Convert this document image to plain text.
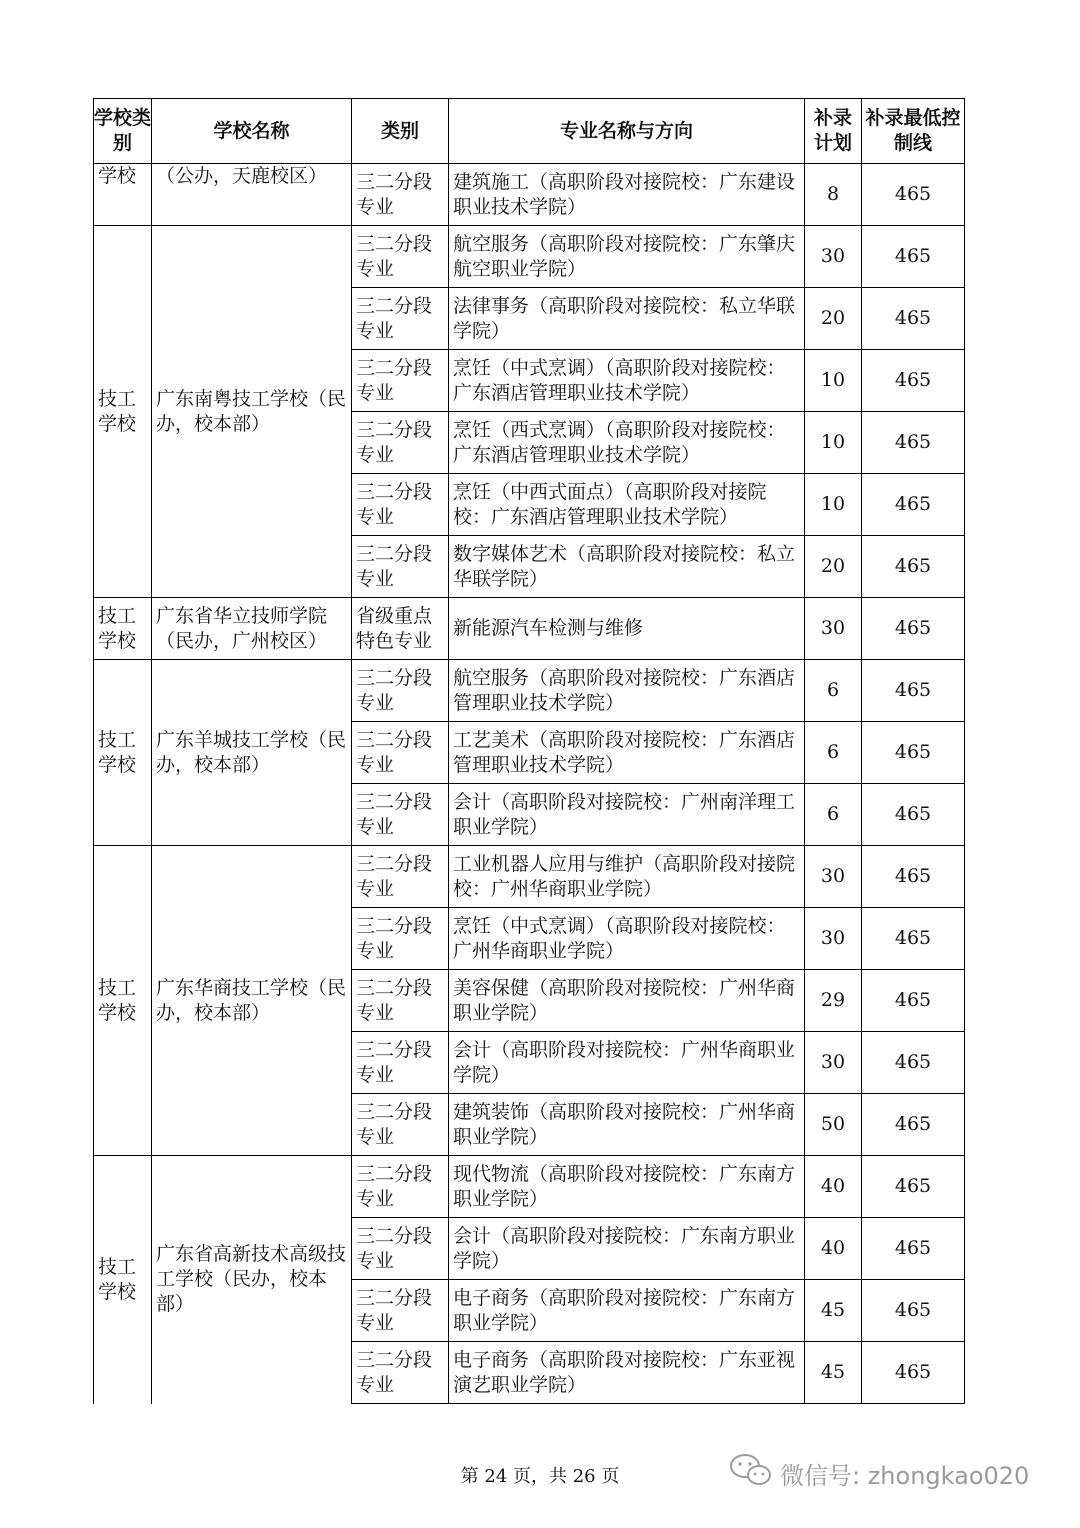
学校类别	学校名称	类别	专业名称与方向	补录计划	补录最低控制线
学校	（公办，天鹿校区）	三二分段专业	建筑施工（高职阶段对接院校：广东建设职业技术学院）	8	465
技工学校	广东南粤技工学校（民办，校本部）	三二分段专业	航空服务（高职阶段对接院校：广东肇庆航空职业学院）	30	465
		三二分段专业	法律事务（高职阶段对接院校：私立华联学院）	20	465
		三二分段专业	烹饪（中式烹调）（高职阶段对接院校：广东酒店管理职业技术学院）	10	465
		三二分段专业	烹饪（西式烹调）（高职阶段对接院校：广东酒店管理职业技术学院）	10	465
		三二分段专业	烹饪（中西式面点）（高职阶段对接院校：广东酒店管理职业技术学院）	10	465
		三二分段专业	数字媒体艺术（高职阶段对接院校：私立华联学院）	20	465
技工学校	广东省华立技师学院（民办，广州校区）	省级重点特色专业	新能源汽车检测与维修	30	465
技工学校	广东羊城技工学校（民办，校本部）	三二分段专业	航空服务（高职阶段对接院校：广东酒店管理职业技术学院）	6	465
		三二分段专业	工艺美术（高职阶段对接院校：广东酒店管理职业技术学院）	6	465
		三二分段专业	会计（高职阶段对接院校：广州南洋理工职业学院）	6	465
技工学校	广东华商技工学校（民办，校本部）	三二分段专业	工业机器人应用与维护（高职阶段对接院校：广州华商职业学院）	30	465
		三二分段专业	烹饪（中式烹调）（高职阶段对接院校：广州华商职业学院）	30	465
		三二分段专业	美容保健（高职阶段对接院校：广州华商职业学院）	29	465
		三二分段专业	会计（高职阶段对接院校：广州华商职业学院）	30	465
		三二分段专业	建筑装饰（高职阶段对接院校：广州华商职业学院）	50	465
技工学校	广东省高新技术高级技工学校（民办，校本部）	三二分段专业	现代物流（高职阶段对接院校：广东南方职业学院）	40	465
		三二分段专业	会计（高职阶段对接院校：广东南方职业学院）	40	465
		三二分段专业	电子商务（高职阶段对接院校：广东南方职业学院）	45	465
		三二分段专业	电子商务（高职阶段对接院校：广东亚视演艺职业学院）	45	465
第 24 页，共 26 页	微信号: zhongkao020
